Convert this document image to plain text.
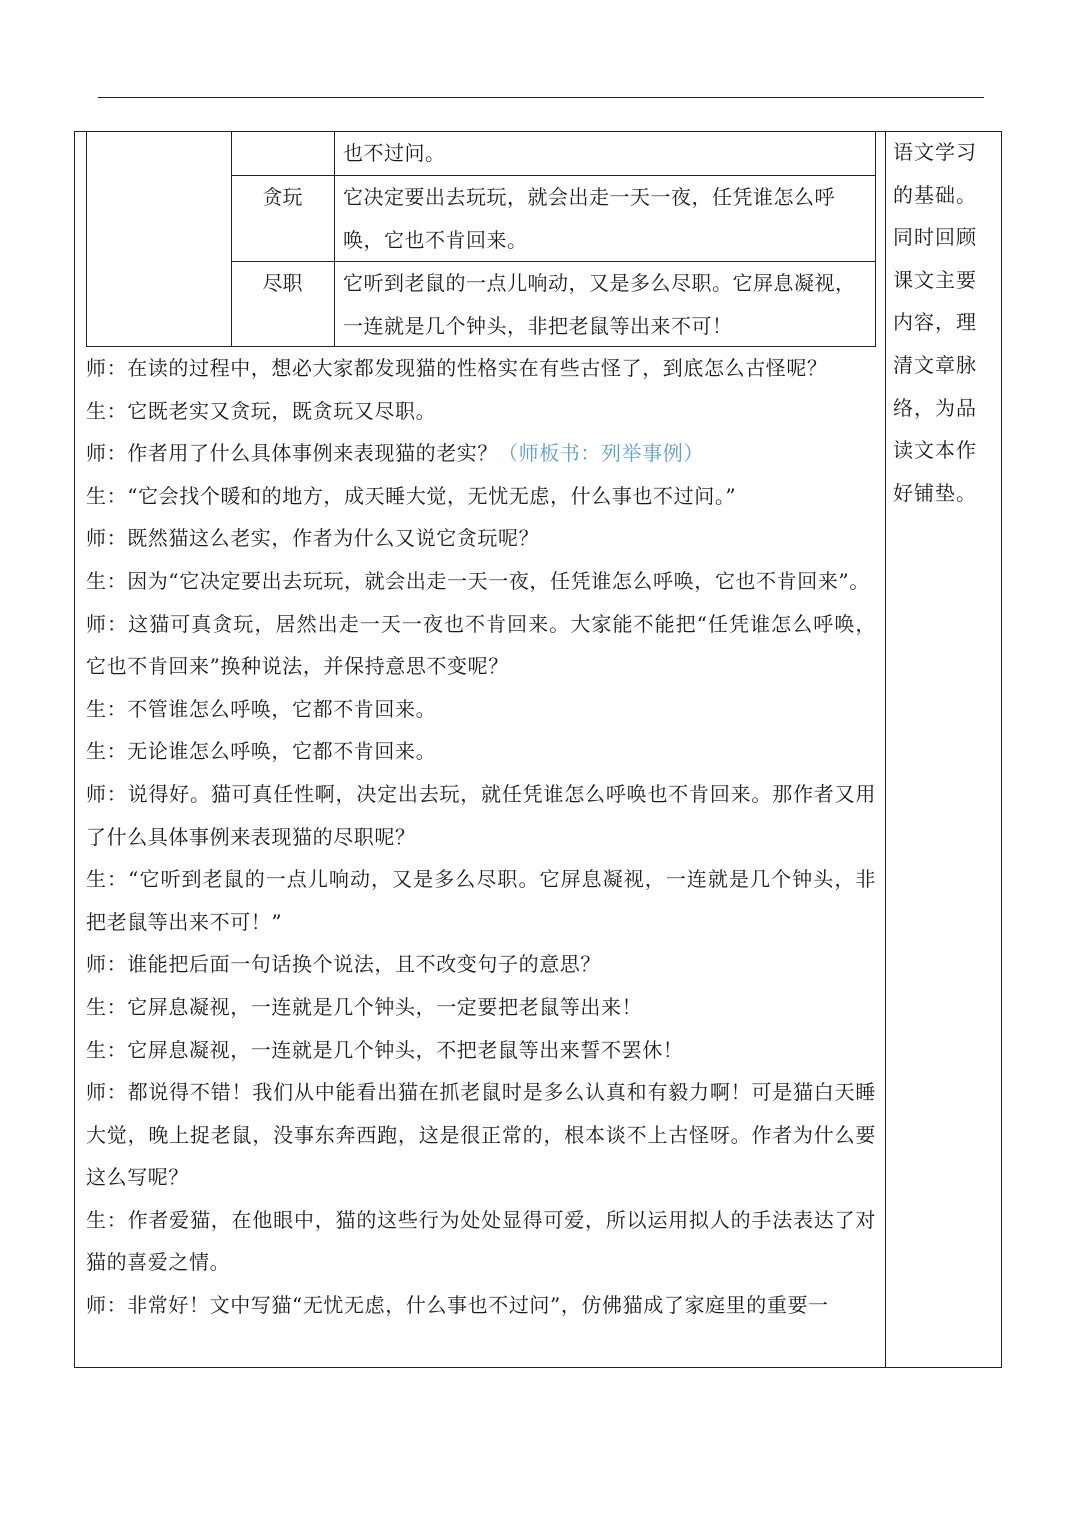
也不过问。
贪玩	它决定要出去玩玩，就会出走一天一夜，任凭谁怎么呼
唤，它也不肯回来。
尽职	它听到老鼠的一点儿响动，又是多么尽职。它屏息凝视，
一连就是几个钟头，非把老鼠等出来不可！

师：在读的过程中，想必大家都发现猫的性格实在有些古怪了，到底怎么古怪呢？

生：它既老实又贪玩，既贪玩又尽职。

师：作者用了什么具体事例来表现猫的老实？（师板书：列举事例）

生：“它会找个暖和的地方，成天睡大觉，无忧无虑，什么事也不过问。”

师：既然猫这么老实，作者为什么又说它贪玩呢？

生：因为“它决定要出去玩玩，就会出走一天一夜，任凭谁怎么呼唤，它也不肯回来”。

师：这猫可真贪玩，居然出走一天一夜也不肯回来。大家能不能把“任凭谁怎么呼唤，它也不肯回来”换种说法，并保持意思不变呢？

生：不管谁怎么呼唤，它都不肯回来。

生：无论谁怎么呼唤，它都不肯回来。

师：说得好。猫可真任性啊，决定出去玩，就任凭谁怎么呼唤也不肯回来。那作者又用了什么具体事例来表现猫的尽职呢？

生：“它听到老鼠的一点儿响动，又是多么尽职。它屏息凝视，一连就是几个钟头，非把老鼠等出来不可！”

师：谁能把后面一句话换个说法，且不改变句子的意思？

生：它屏息凝视，一连就是几个钟头，一定要把老鼠等出来！

生：它屏息凝视，一连就是几个钟头，不把老鼠等出来誓不罢休！

师：都说得不错！我们从中能看出猫在抓老鼠时是多么认真和有毅力啊！可是猫白天睡大觉，晚上捉老鼠，没事东奔西跑，这是很正常的，根本谈不上古怪呀。作者为什么要这么写呢？

生：作者爱猫，在他眼中，猫的这些行为处处显得可爱，所以运用拟人的手法表达了对猫的喜爱之情。

师：非常好！文中写猫“无忧无虑，什么事也不过问”，仿佛猫成了家庭里的重要一

语文学习
的基础。
同时回顾
课文主要
内容，理
清文章脉
络，为品
读文本作
好铺垫。
